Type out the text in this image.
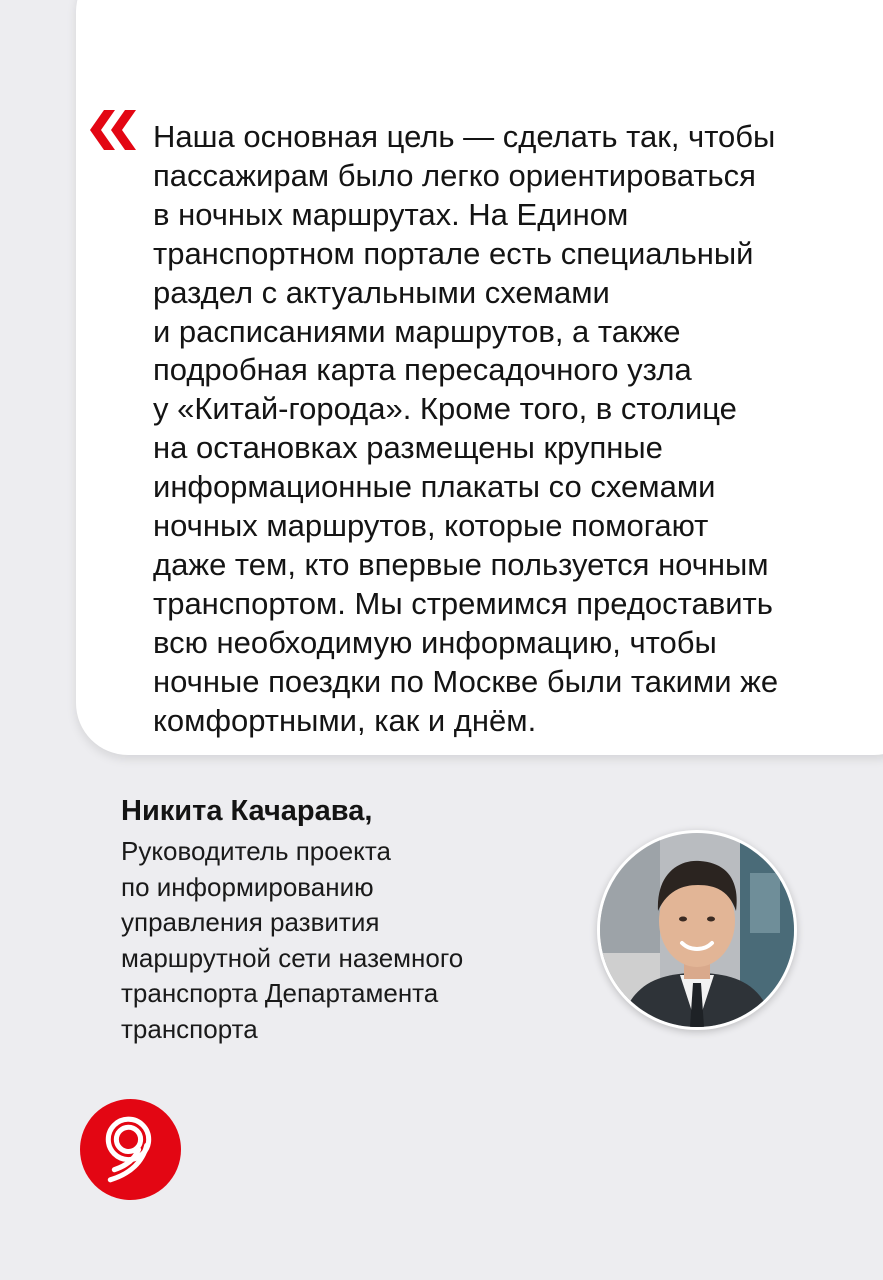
Наша основная цель — сделать так, чтобы
пассажирам было легко ориентироваться
в ночных маршрутах. На Едином
транспортном портале есть специальный
раздел с актуальными схемами
и расписаниями маршрутов, а также
подробная карта пересадочного узла
у «Китай-города». Кроме того, в столице
на остановках размещены крупные
информационные плакаты со схемами
ночных маршрутов, которые помогают
даже тем, кто впервые пользуется ночным
транспортом. Мы стремимся предоставить
всю необходимую информацию, чтобы
ночные поездки по Москве были такими же
комфортными, как и днём.

Никита Качарава,

Руководитель проекта
по информированию
управления развития
маршрутной сети наземного
транспорта Департамента
транспорта
